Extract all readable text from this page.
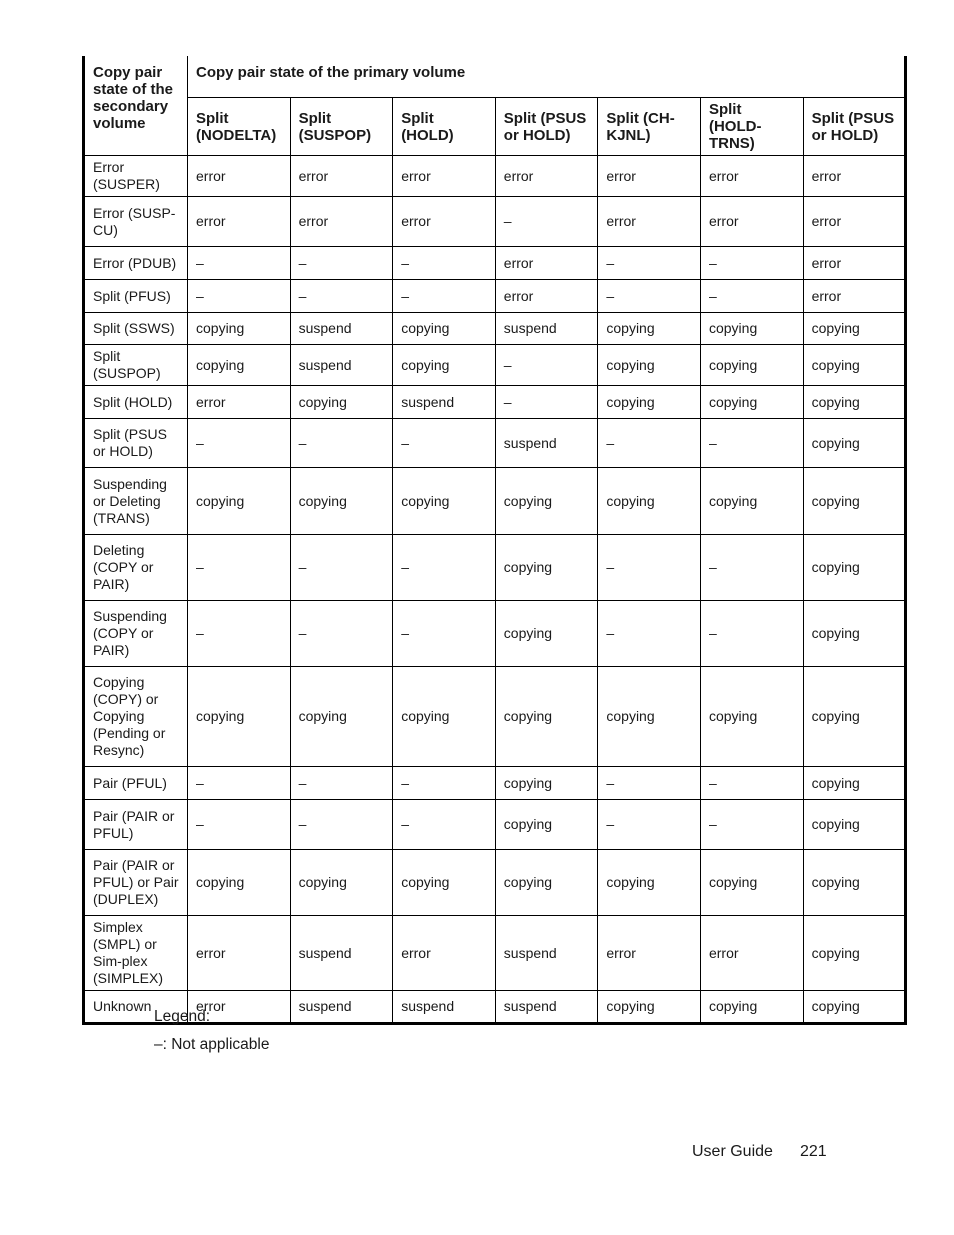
Copy pair state of the secondary volume	Copy pair state of the primary volume						
	Split (NODELTA)	Split (SUSPOP)	Split (HOLD)	Split (PSUS or HOLD)	Split (CH-KJNL)	Split (HOLD-TRNS)	Split (PSUS or HOLD)
Error (SUSPER)	error	error	error	error	error	error	error
Error (SUSP-CU)	error	error	error	–	error	error	error
Error (PDUB)	–	–	–	error	–	–	error
Split (PFUS)	–	–	–	error	–	–	error
Split (SSWS)	copying	suspend	copying	suspend	copying	copying	copying
Split (SUSPOP)	copying	suspend	copying	–	copying	copying	copying
Split (HOLD)	error	copying	suspend	–	copying	copying	copying
Split (PSUS or HOLD)	–	–	–	suspend	–	–	copying
Suspending or Deleting (TRANS)	copying	copying	copying	copying	copying	copying	copying
Deleting (COPY or PAIR)	–	–	–	copying	–	–	copying
Suspending (COPY or PAIR)	–	–	–	copying	–	–	copying
Copying (COPY) or Copying (Pending or Resync)	copying	copying	copying	copying	copying	copying	copying
Pair (PFUL)	–	–	–	copying	–	–	copying
Pair (PAIR or PFUL)	–	–	–	copying	–	–	copying
Pair (PAIR or PFUL) or Pair (DUPLEX)	copying	copying	copying	copying	copying	copying	copying
Simplex (SMPL) or Sim-plex (SIMPLEX)	error	suspend	error	suspend	error	error	copying
Unknown	error	suspend	suspend	suspend	copying	copying	copying
Legend:
–: Not applicable
User Guide 221
